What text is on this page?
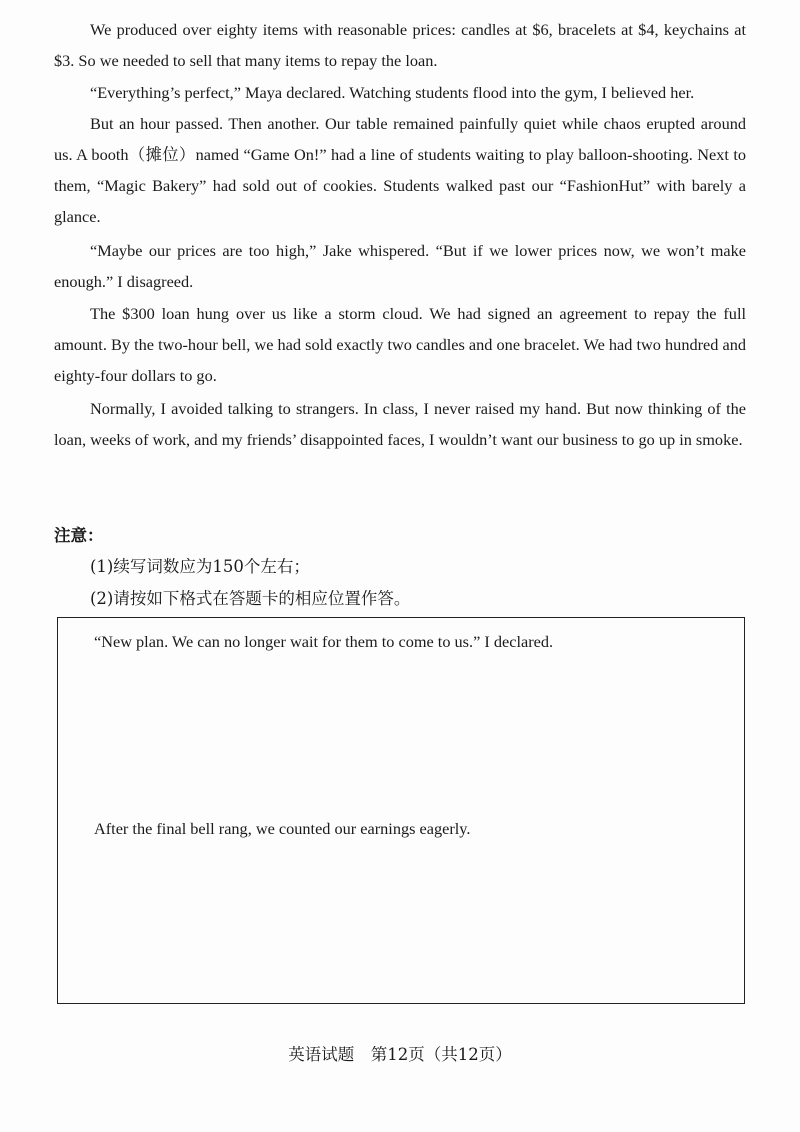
We produced over eighty items with reasonable prices: candles at $6, bracelets at $4, keychains at $3. So we needed to sell that many items to repay the loan.

“Everything’s perfect,” Maya declared. Watching students flood into the gym, I believed her.

But an hour passed. Then another. Our table remained painfully quiet while chaos erupted around us. A booth（摊位）named “Game On!” had a line of students waiting to play balloon-shooting. Next to them, “Magic Bakery” had sold out of cookies. Students walked past our “FashionHut” with barely a glance.

“Maybe our prices are too high,” Jake whispered. “But if we lower prices now, we won’t make enough.” I disagreed.

The $300 loan hung over us like a storm cloud. We had signed an agreement to repay the full amount. By the two-hour bell, we had sold exactly two candles and one bracelet. We had two hundred and eighty-four dollars to go.

Normally, I avoided talking to strangers. In class, I never raised my hand. But now thinking of the loan, weeks of work, and my friends’ disappointed faces, I wouldn’t want our business to go up in smoke.

注意：

(1)续写词数应为150个左右；

(2)请按如下格式在答题卡的相应位置作答。

“New plan. We can no longer wait for them to come to us.” I declared.

After the final bell rang, we counted our earnings eagerly.

英语试题　第12页（共12页）
